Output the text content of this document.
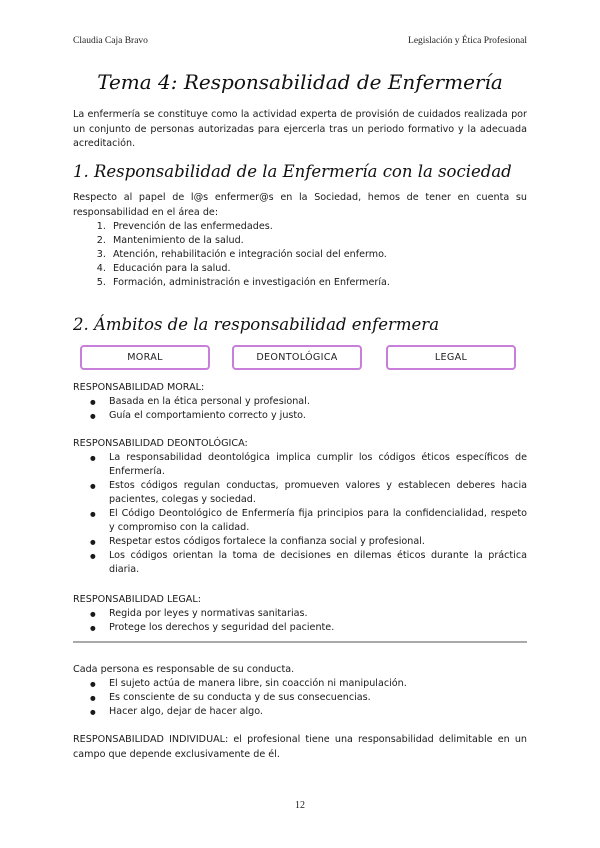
Claudia Caja Bravo	Legislación y Ética Profesional
Tema 4: Responsabilidad de Enfermería
La enfermería se constituye como la actividad experta de provisión de cuidados realizada por un conjunto de personas autorizadas para ejercerla tras un periodo formativo y la adecuada acreditación.
1. Responsabilidad de la Enfermería con la sociedad
Respecto al papel de l@s enfermer@s en la Sociedad, hemos de tener en cuenta su responsabilidad en el área de:
1. Prevención de las enfermedades.
2. Mantenimiento de la salud.
3. Atención, rehabilitación e integración social del enfermo.
4. Educación para la salud.
5. Formación, administración e investigación en Enfermería.
2. Ámbitos de la responsabilidad enfermera
MORAL	DEONTOLÓGICA	LEGAL
RESPONSABILIDAD MORAL:
● Basada en la ética personal y profesional.
● Guía el comportamiento correcto y justo.
RESPONSABILIDAD DEONTOLÓGICA:
● La responsabilidad deontológica implica cumplir los códigos éticos específicos de Enfermería.
● Estos códigos regulan conductas, promueven valores y establecen deberes hacia pacientes, colegas y sociedad.
● El Código Deontológico de Enfermería fija principios para la confidencialidad, respeto y compromiso con la calidad.
● Respetar estos códigos fortalece la confianza social y profesional.
● Los códigos orientan la toma de decisiones en dilemas éticos durante la práctica diaria.
RESPONSABILIDAD LEGAL:
● Regida por leyes y normativas sanitarias.
● Protege los derechos y seguridad del paciente.
Cada persona es responsable de su conducta.
● El sujeto actúa de manera libre, sin coacción ni manipulación.
● Es consciente de su conducta y de sus consecuencias.
● Hacer algo, dejar de hacer algo.
RESPONSABILIDAD INDIVIDUAL: el profesional tiene una responsabilidad delimitable en un campo que depende exclusivamente de él.
12
